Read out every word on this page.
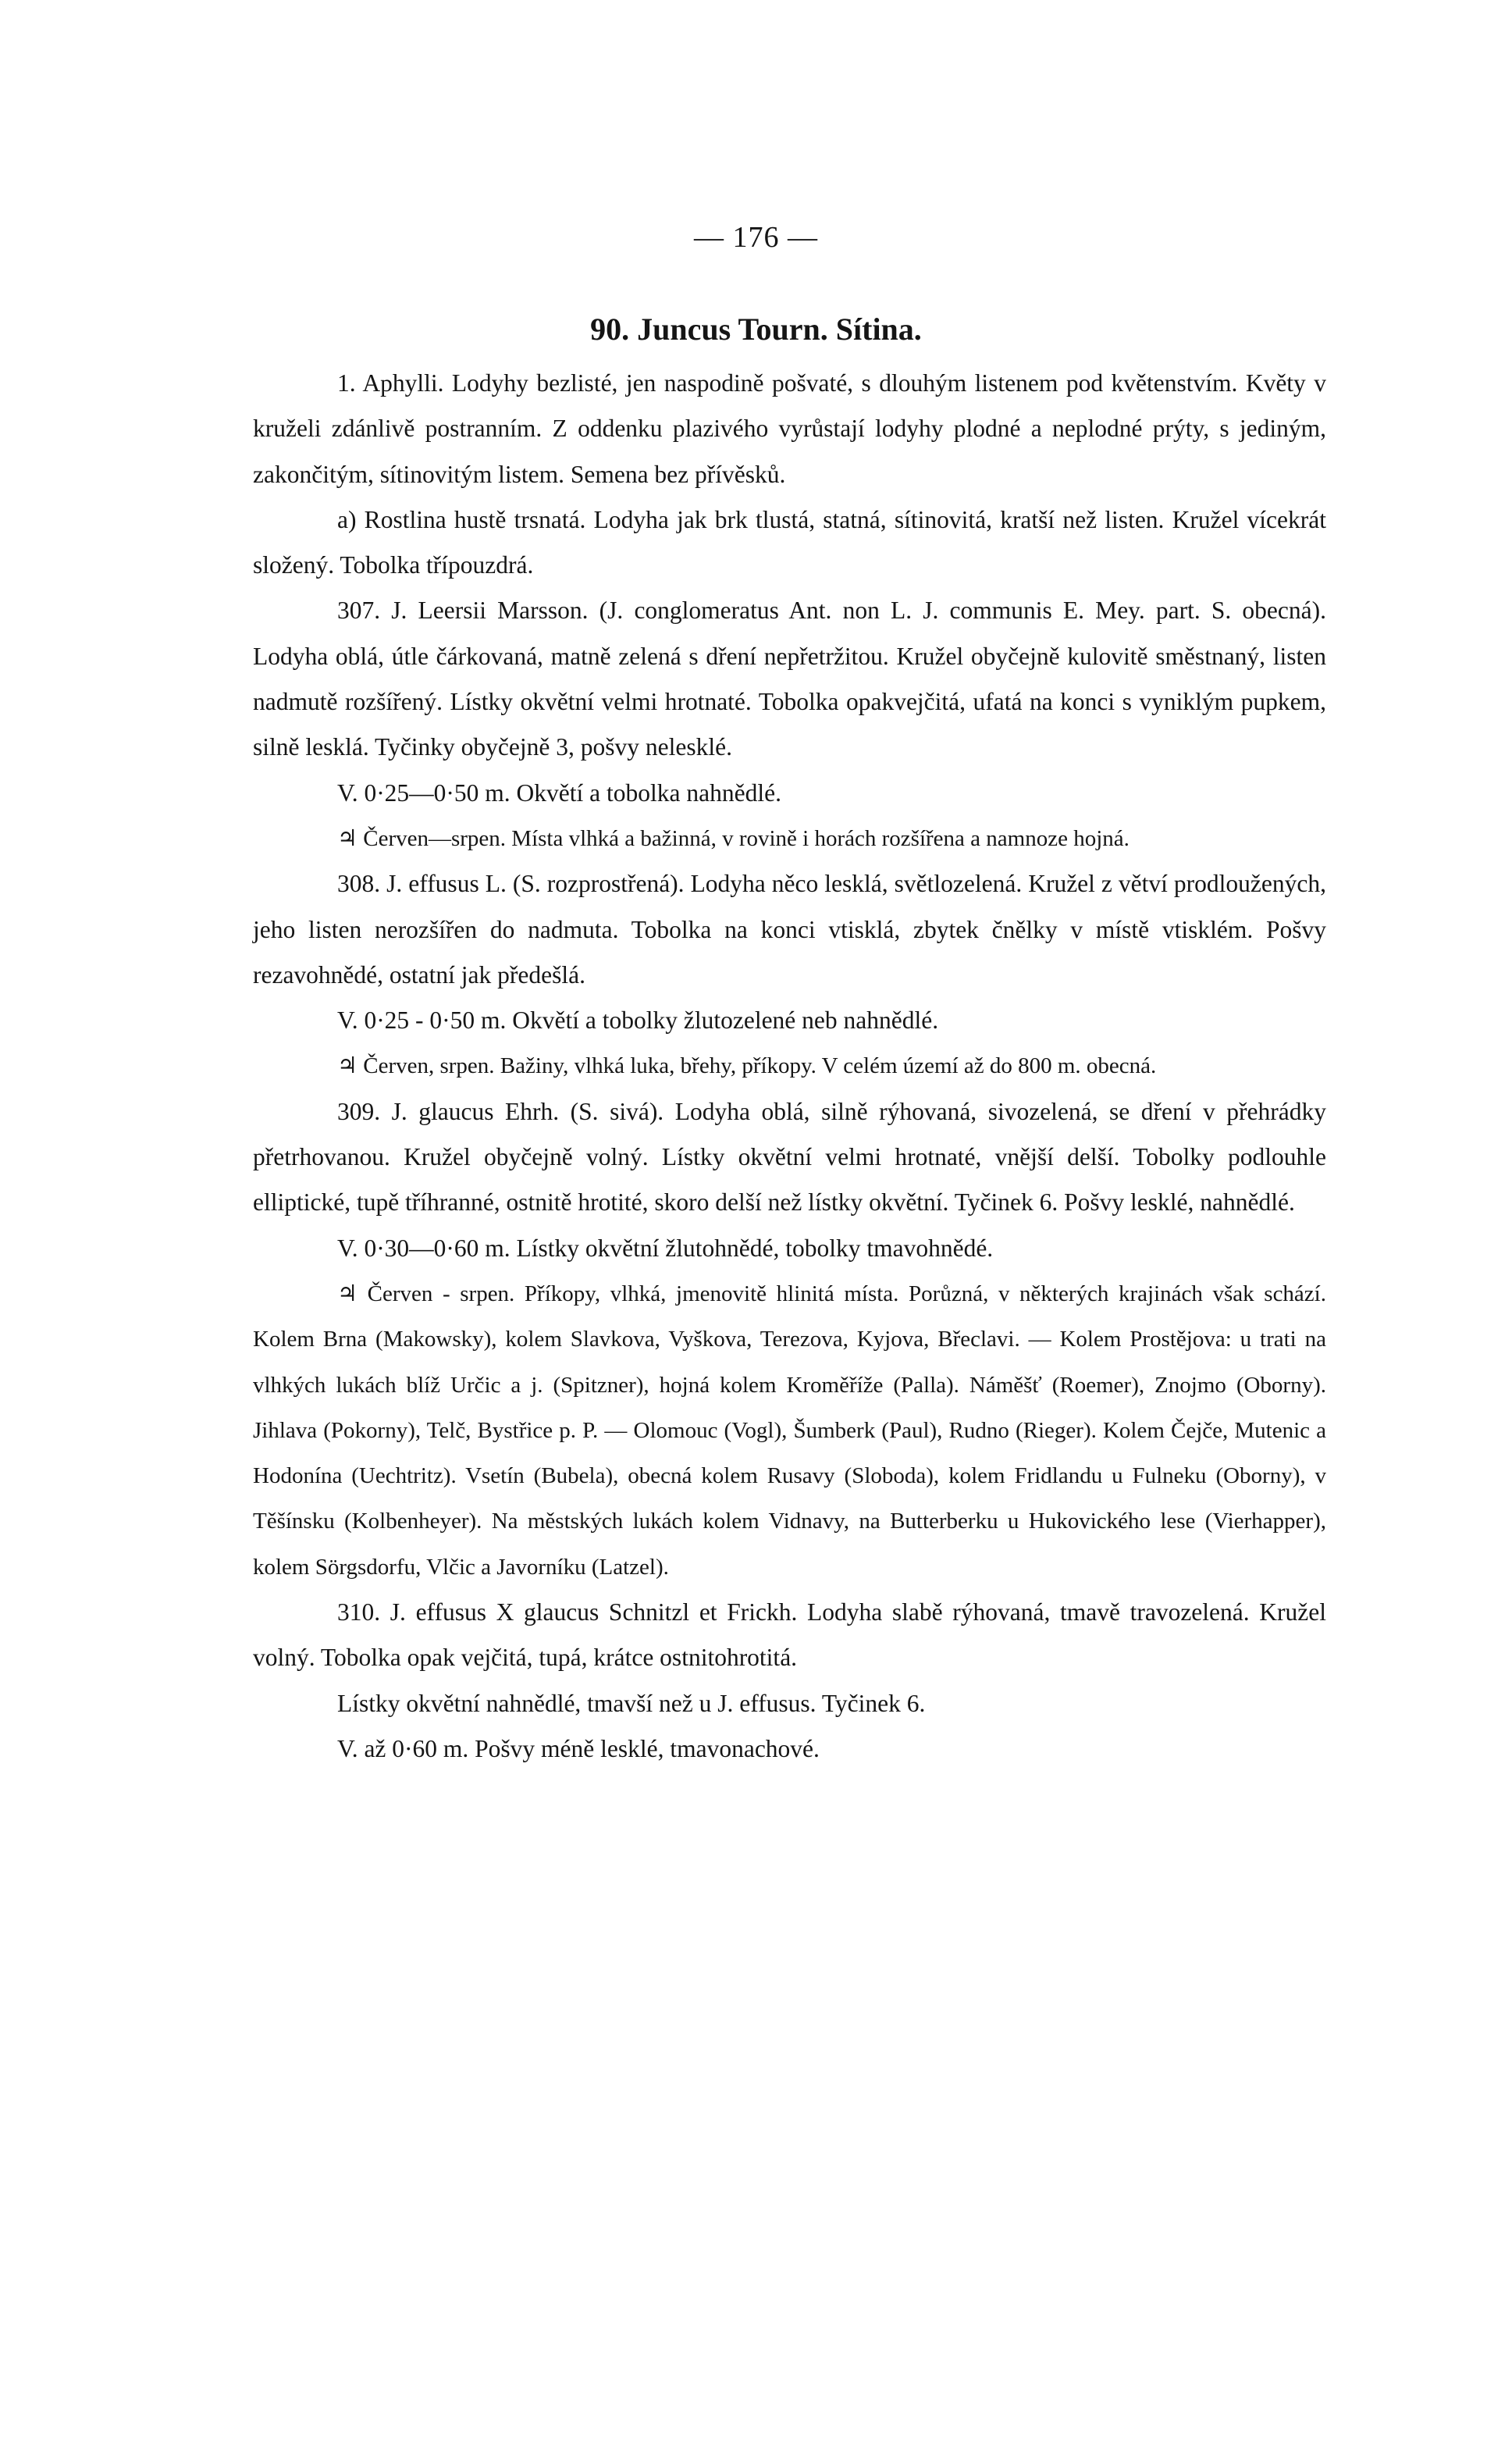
— 176 —
90. Juncus Tourn. Sítina.

1. Aphylli. Lodyhy bezlisté, jen naspodině pošvaté, s dlouhým listenem pod květenstvím. Květy v kruželi zdánlivě postranním. Z oddenku plazivého vyrůstají lodyhy plodné a neplodné prýty, s jediným, zakončitým, sítinovitým listem. Semena bez přívěsků.

a) Rostlina hustě trsnatá. Lodyha jak brk tlustá, statná, sítinovitá, kratší než listen. Kružel vícekrát složený. Tobolka třípouzdrá.

307. J. Leersii Marsson. (J. conglomeratus Ant. non L. J. communis E. Mey. part. S. obecná). Lodyha oblá, útle čárkovaná, matně zelená s dření nepřetržitou. Kružel obyčejně kulovitě směstnaný, listen nadmutě rozšířený. Lístky okvětní velmi hrotnaté. Tobolka opakvejčitá, ufatá na konci s vyniklým pupkem, silně lesklá. Tyčinky obyčejně 3, pošvy nelesklé.

V. 0·25—0·50 m. Okvětí a tobolka nahnědlé.

♃ Červen—srpen. Místa vlhká a bažinná, v rovině i horách rozšířena a namnoze hojná.

308. J. effusus L. (S. rozprostřená). Lodyha něco lesklá, světlozelená. Kružel z větví prodloužených, jeho listen nerozšířen do nadmuta. Tobolka na konci vtisklá, zbytek čnělky v místě vtisklém. Pošvy rezavohnědé, ostatní jak předešlá.

V. 0·25 - 0·50 m. Okvětí a tobolky žlutozelené neb nahnědlé.

♃ Červen, srpen. Bažiny, vlhká luka, břehy, příkopy. V celém území až do 800 m. obecná.

309. J. glaucus Ehrh. (S. sivá). Lodyha oblá, silně rýhovaná, sivozelená, se dření v přehrádky přetrhovanou. Kružel obyčejně volný. Lístky okvětní velmi hrotnaté, vnější delší. Tobolky podlouhle elliptické, tupě tříhranné, ostnitě hrotité, skoro delší než lístky okvětní. Tyčinek 6. Pošvy lesklé, nahnědlé.

V. 0·30—0·60 m. Lístky okvětní žlutohnědé, tobolky tmavohnědé.

♃ Červen - srpen. Příkopy, vlhká, jmenovitě hlinitá místa. Porůzná, v některých krajinách však schází. Kolem Brna (Makowsky), kolem Slavkova, Vyškova, Terezova, Kyjova, Břeclavi. — Kolem Prostějova: u trati na vlhkých lukách blíž Určic a j. (Spitzner), hojná kolem Kroměříže (Palla). Náměšť (Roemer), Znojmo (Oborny). Jihlava (Pokorny), Telč, Bystřice p. P. — Olomouc (Vogl), Šumberk (Paul), Rudno (Rieger). Kolem Čejče, Mutenic a Hodonína (Uechtritz). Vsetín (Bubela), obecná kolem Rusavy (Sloboda), kolem Fridlandu u Fulneku (Oborny), v Těšínsku (Kolbenheyer). Na městských lukách kolem Vidnavy, na Butterberku u Hukovického lese (Vierhapper), kolem Sörgsdorfu, Vlčic a Javorníku (Latzel).

310. J. effusus X glaucus Schnitzl et Frickh. Lodyha slabě rýhovaná, tmavě travozelená. Kružel volný. Tobolka opak vejčitá, tupá, krátce ostnitohrotitá.

Lístky okvětní nahnědlé, tmavší než u J. effusus. Tyčinek 6.

V. až 0·60 m. Pošvy méně lesklé, tmavonachové.
